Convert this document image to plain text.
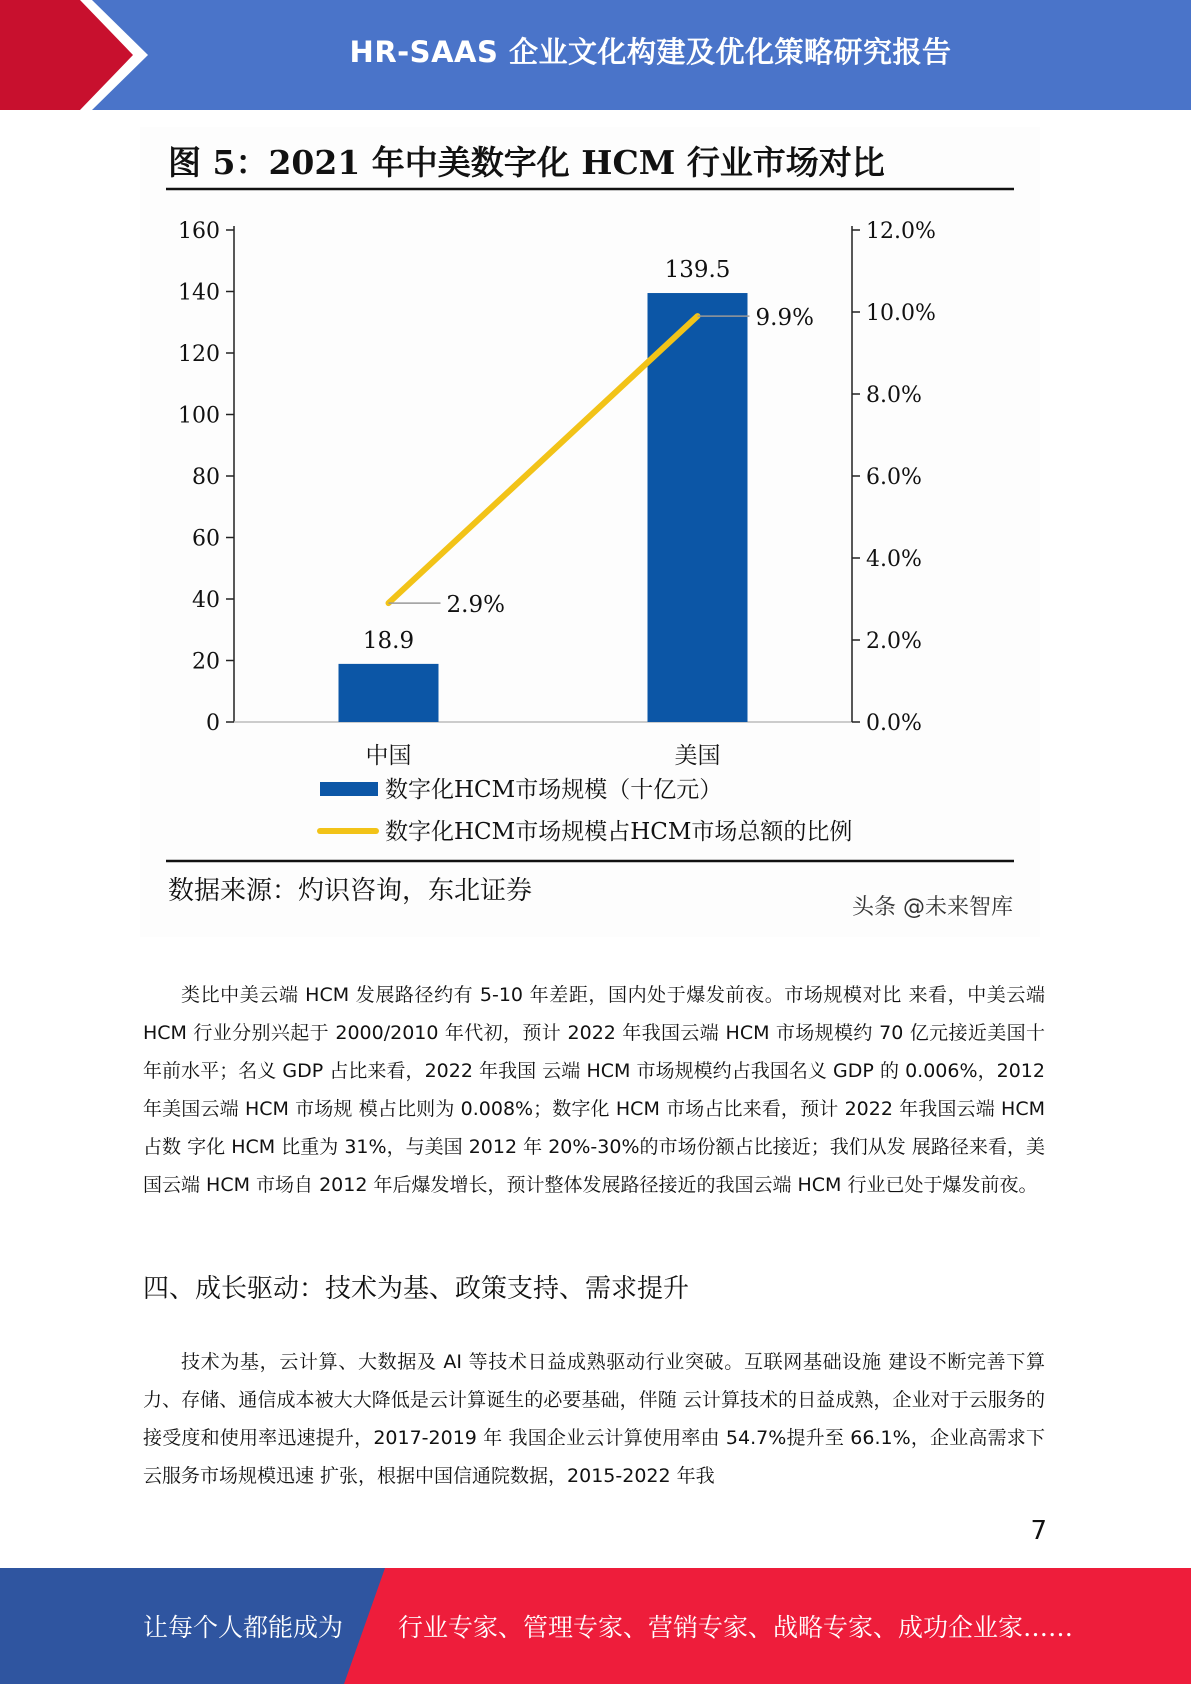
HR-SAAS 企业文化构建及优化策略研究报告
图 5：2021 年中美数字化 HCM 行业市场对比
0
20
40
60
80
100
120
140
160
0.0%
2.0%
4.0%
6.0%
8.0%
10.0%
12.0%
18.9
139.5
中国	美国
2.9%
9.9%
数字化HCM市场规模（十亿元）
数字化HCM市场规模占HCM市场总额的比例
数据来源：灼识咨询，东北证券
头条 @未来智库

类比中美云端 HCM 发展路径约有 5-10 年差距，国内处于爆发前夜。市场规模对比 来看，中美云端 HCM 行业分别兴起于 2000/2010 年代初，预计 2022 年我国云端 HCM 市场规模约 70 亿元接近美国十年前水平；名义 GDP 占比来看，2022 年我国 云端 HCM 市场规模约占我国名义 GDP 的 0.006%，2012 年美国云端 HCM 市场规 模占比则为 0.008%；数字化 HCM 市场占比来看，预计 2022 年我国云端 HCM 占数 字化 HCM 比重为 31%，与美国 2012 年 20%-30%的市场份额占比接近；我们从发 展路径来看，美国云端 HCM 市场自 2012 年后爆发增长，预计整体发展路径接近的我国云端 HCM 行业已处于爆发前夜。

四、成长驱动：技术为基、政策支持、需求提升

技术为基，云计算、大数据及 AI 等技术日益成熟驱动行业突破。互联网基础设施 建设不断完善下算力、存储、通信成本被大大降低是云计算诞生的必要基础，伴随 云计算技术的日益成熟，企业对于云服务的接受度和使用率迅速提升，2017-2019 年 我国企业云计算使用率由 54.7%提升至 66.1%，企业高需求下云服务市场规模迅速 扩张，根据中国信通院数据，2015-2022 年我

7
让每个人都能成为 行业专家、管理专家、营销专家、战略专家、成功企业家……
